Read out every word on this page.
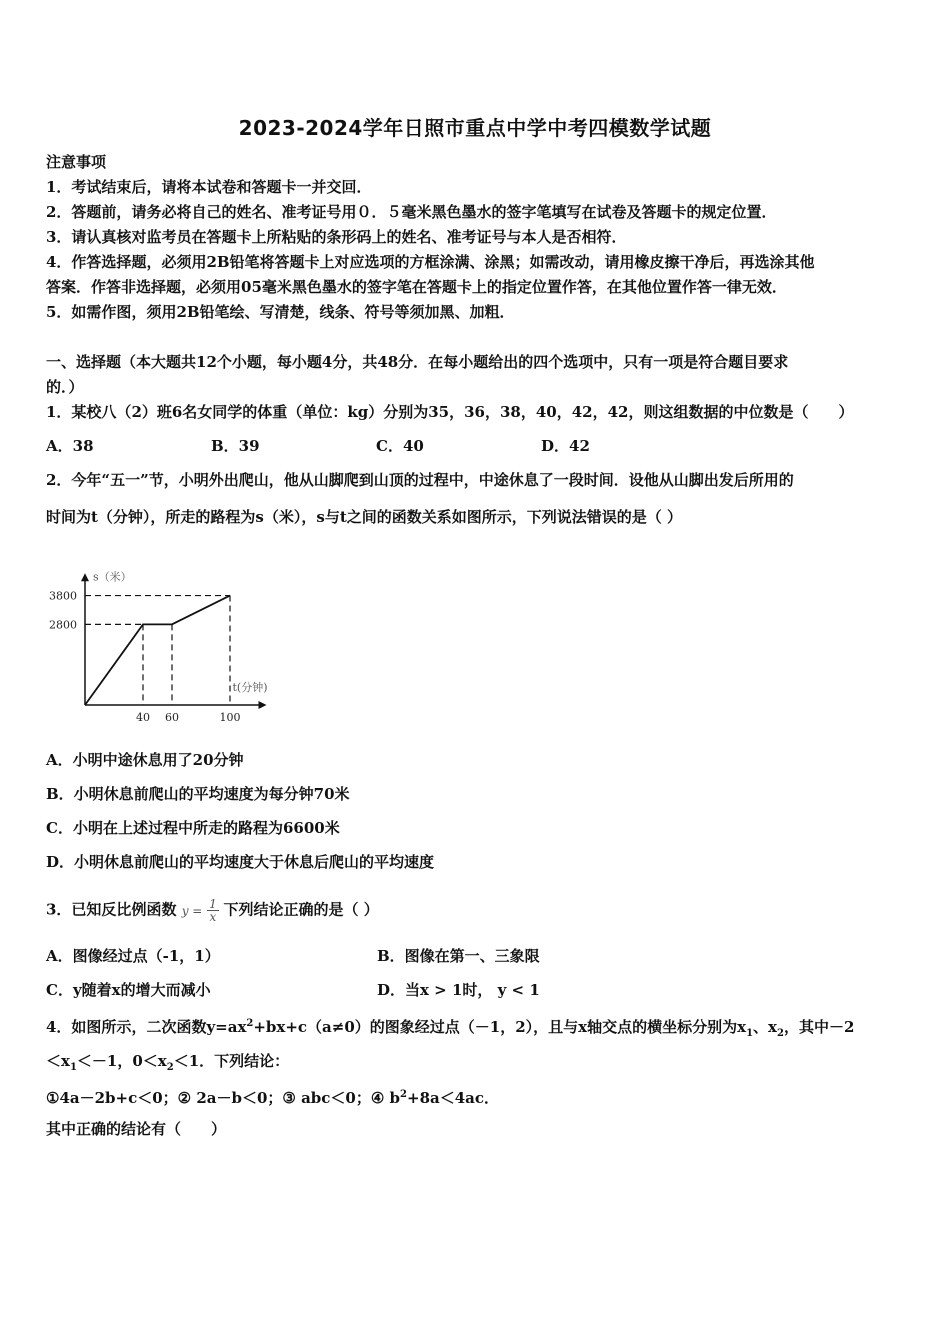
2023-2024学年日照市重点中学中考四模数学试题
注意事项
1．考试结束后，请将本试卷和答题卡一并交回．
2．答题前，请务必将自己的姓名、准考证号用０．５毫米黑色墨水的签字笔填写在试卷及答题卡的规定位置．
3．请认真核对监考员在答题卡上所粘贴的条形码上的姓名、准考证号与本人是否相符．
4．作答选择题，必须用2B铅笔将答题卡上对应选项的方框涂满、涂黑；如需改动，请用橡皮擦干净后，再选涂其他
答案．作答非选择题，必须用05毫米黑色墨水的签字笔在答题卡上的指定位置作答，在其他位置作答一律无效．
5．如需作图，须用2B铅笔绘、写清楚，线条、符号等须加黑、加粗．
一、选择题（本大题共12个小题，每小题4分，共48分．在每小题给出的四个选项中，只有一项是符合题目要求
的．）
1．某校八（2）班6名女同学的体重（单位：kg）分别为35，36，38，40，42，42，则这组数据的中位数是（　　）
A．38	B．39	C．40	D．42
2．今年“五一”节，小明外出爬山，他从山脚爬到山顶的过程中，中途休息了一段时间．设他从山脚出发后所用的
时间为t（分钟），所走的路程为s（米），s与t之间的函数关系如图所示，下列说法错误的是（ ）
40 60	100
3800
2800
s（米）
t(分钟)
A．小明中途休息用了20分钟
B．小明休息前爬山的平均速度为每分钟70米
C．小明在上述过程中所走的路程为6600米
D．小明休息前爬山的平均速度大于休息后爬山的平均速度
3．已知反比例函数 $y = \frac{1}{x}$ 下列结论正确的是（ ）
A．图像经过点（-1，1）	B．图像在第一、三象限
C．y随着x的增大而减小	D．当x > 1时， y < 1
4．如图所示，二次函数$y=ax^2+bx+c(a\ne 0)$的图象经过点（－1，2），且与x轴交点的横坐标分别为$x_1$、$x_2$，其中－2
$<x_1<-1$，$0<x_2<1$．下列结论：
①4a－2b+c＜0；② 2a－b＜0；③ abc＜0；④ $b^2+8a<4ac$．
其中正确的结论有（　　）
